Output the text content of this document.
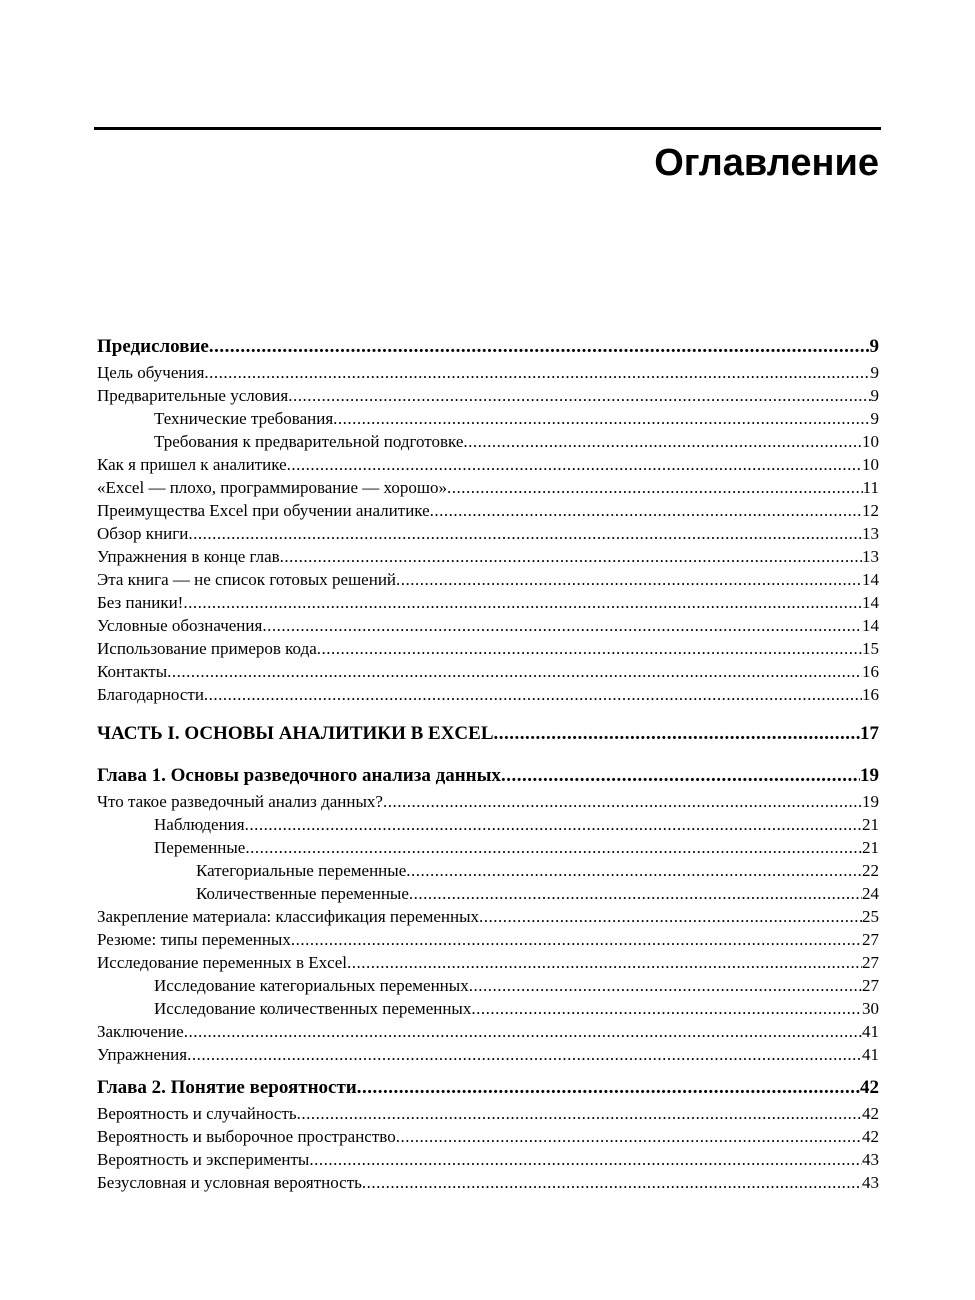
Оглавление
Предисловие .....	9
Цель обучения .....	9
Предварительные условия .....	9
Технические требования .....	9
Требования к предварительной подготовке .....	10
Как я пришел к аналитике .....	10
«Excel — плохо, программирование — хорошо» .....	11
Преимущества Excel при обучении аналитике .....	12
Обзор книги .....	13
Упражнения в конце глав .....	13
Эта книга — не список готовых решений .....	14
Без паники! .....	14
Условные обозначения .....	14
Использование примеров кода .....	15
Контакты .....	16
Благодарности .....	16
ЧАСТЬ I. ОСНОВЫ АНАЛИТИКИ В EXCEL .....	17
Глава 1. Основы разведочного анализа данных .....	19
Что такое разведочный анализ данных? .....	19
Наблюдения .....	21
Переменные .....	21
Категориальные переменные .....	22
Количественные переменные .....	24
Закрепление материала: классификация переменных .....	25
Резюме: типы переменных .....	27
Исследование переменных в Excel .....	27
Исследование категориальных переменных .....	27
Исследование количественных переменных .....	30
Заключение .....	41
Упражнения .....	41
Глава 2. Понятие вероятности .....	42
Вероятность и случайность .....	42
Вероятность и выборочное пространство .....	42
Вероятность и эксперименты .....	43
Безусловная и условная вероятность .....	43
